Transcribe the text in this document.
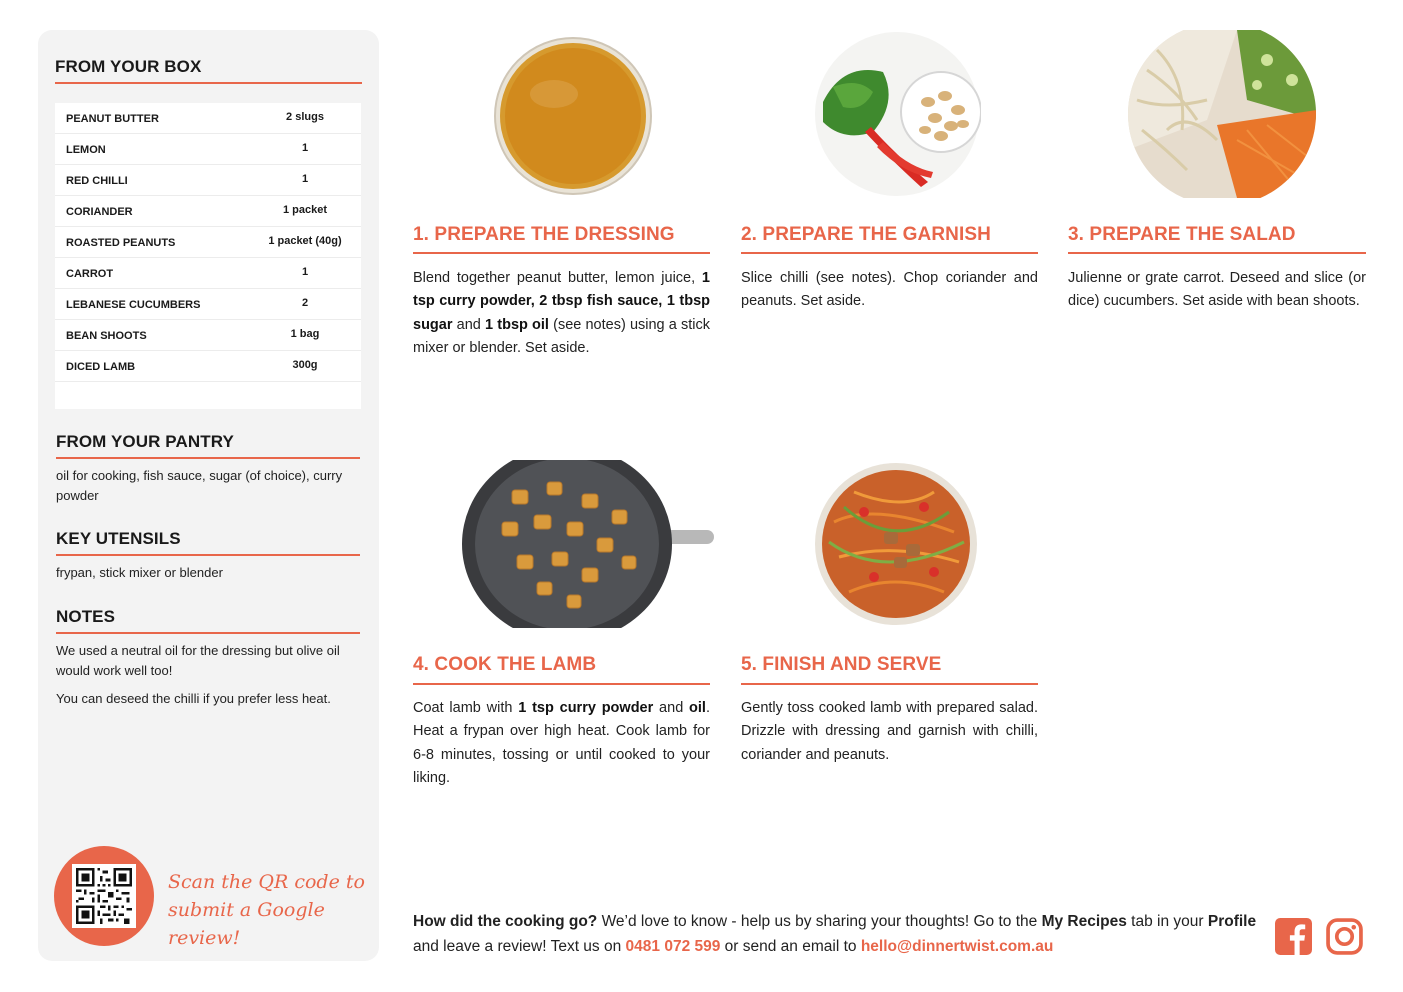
FROM YOUR BOX
PEANUT BUTTER	2 slugs
LEMON	1
RED CHILLI	1
CORIANDER	1 packet
ROASTED PEANUTS	1 packet (40g)
CARROT	1
LEBANESE CUCUMBERS	2
BEAN SHOOTS	1 bag
DICED LAMB	300g
FROM YOUR PANTRY
oil for cooking, fish sauce, sugar (of choice), curry powder
KEY UTENSILS
frypan, stick mixer or blender
NOTES
We used a neutral oil for the dressing but olive oil would work well too!
You can deseed the chilli if you prefer less heat.
Scan the QR code to
submit a Google review!
1. PREPARE THE DRESSING
Blend together peanut butter, lemon juice, 1 tsp curry powder, 2 tbsp fish sauce, 1 tbsp sugar and 1 tbsp oil (see notes) using a stick mixer or blender. Set aside.
2. PREPARE THE GARNISH
Slice chilli (see notes). Chop coriander and peanuts. Set aside.
3. PREPARE THE SALAD
Julienne or grate carrot. Deseed and slice (or dice) cucumbers. Set aside with bean shoots.
4. COOK THE LAMB
Coat lamb with 1 tsp curry powder and oil. Heat a frypan over high heat. Cook lamb for 6-8 minutes, tossing or until cooked to your liking.
5. FINISH AND SERVE
Gently toss cooked lamb with prepared salad. Drizzle with dressing and garnish with chilli, coriander and peanuts.
How did the cooking go? We’d love to know - help us by sharing your thoughts! Go to the My Recipes tab in your Profile and leave a review! Text us on 0481 072 599 or send an email to hello@dinnertwist.com.au
